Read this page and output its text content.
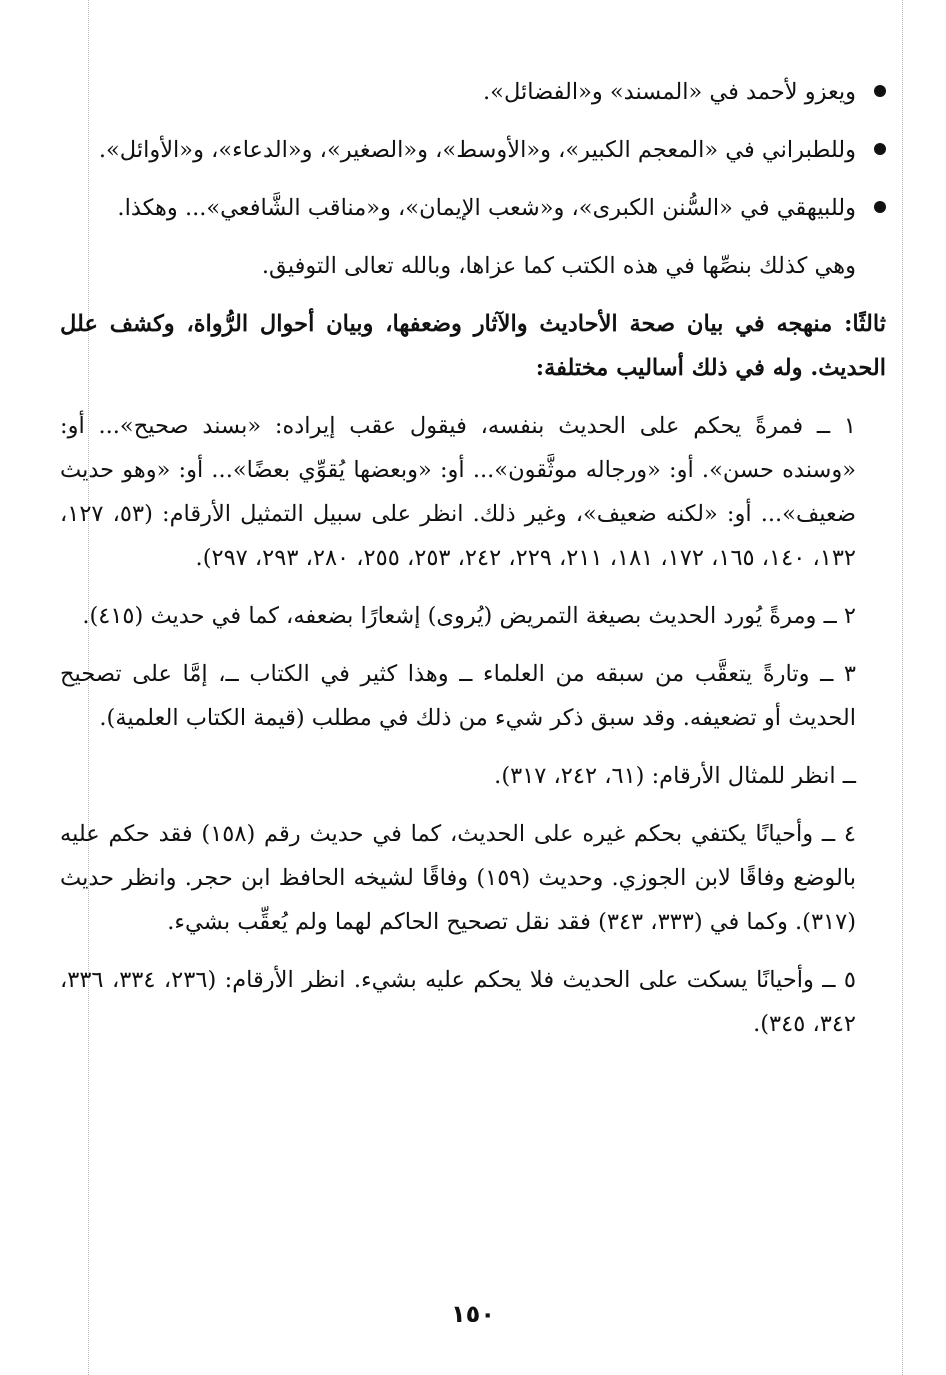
ويعزو لأحمد في «المسند» و«الفضائل».

وللطبراني في «المعجم الكبير»، و«الأوسط»، و«الصغير»، و«الدعاء»، و«الأوائل».

وللبيهقي في «السُّنن الكبرى»، و«شعب الإيمان»، و«مناقب الشَّافعي»... وهكذا.

وهي كذلك بنصِّها في هذه الكتب كما عزاها، وبالله تعالى التوفيق.

ثالثًا: منهجه في بيان صحة الأحاديث والآثار وضعفها، وبيان أحوال الرُّواة، وكشف علل الحديث. وله في ذلك أساليب مختلفة:

١ ــ فمرةً يحكم على الحديث بنفسه، فيقول عقب إيراده: «بسند صحيح»... أو: «وسنده حسن». أو: «ورجاله موثَّقون»... أو: «وبعضها يُقوِّي بعضًا»... أو: «وهو حديث ضعيف»... أو: «لكنه ضعيف»، وغير ذلك. انظر على سبيل التمثيل الأرقام: (٥٣، ١٢٧، ١٣٢، ١٤٠، ١٦٥، ١٧٢، ١٨١، ٢١١، ٢٢٩، ٢٤٢، ٢٥٣، ٢٥٥، ٢٨٠، ٢٩٣، ٢٩٧).

٢ ــ ومرةً يُورد الحديث بصيغة التمريض (يُروى) إشعارًا بضعفه، كما في حديث (٤١٥).

٣ ــ وتارةً يتعقَّب من سبقه من العلماء ــ وهذا كثير في الكتاب ــ، إمَّا على تصحيح الحديث أو تضعيفه. وقد سبق ذكر شيء من ذلك في مطلب (قيمة الكتاب العلمية).

ــ انظر للمثال الأرقام: (٦١، ٢٤٢، ٣١٧).

٤ ــ وأحيانًا يكتفي بحكم غيره على الحديث، كما في حديث رقم (١٥٨) فقد حكم عليه بالوضع وفاقًا لابن الجوزي. وحديث (١٥٩) وفاقًا لشيخه الحافظ ابن حجر. وانظر حديث (٣١٧). وكما في (٣٣٣، ٣٤٣) فقد نقل تصحيح الحاكم لهما ولم يُعقِّب بشيء.

٥ ــ وأحيانًا يسكت على الحديث فلا يحكم عليه بشيء. انظر الأرقام: (٢٣٦، ٣٣٤، ٣٣٦، ٣٤٢، ٣٤٥).

١٥٠
